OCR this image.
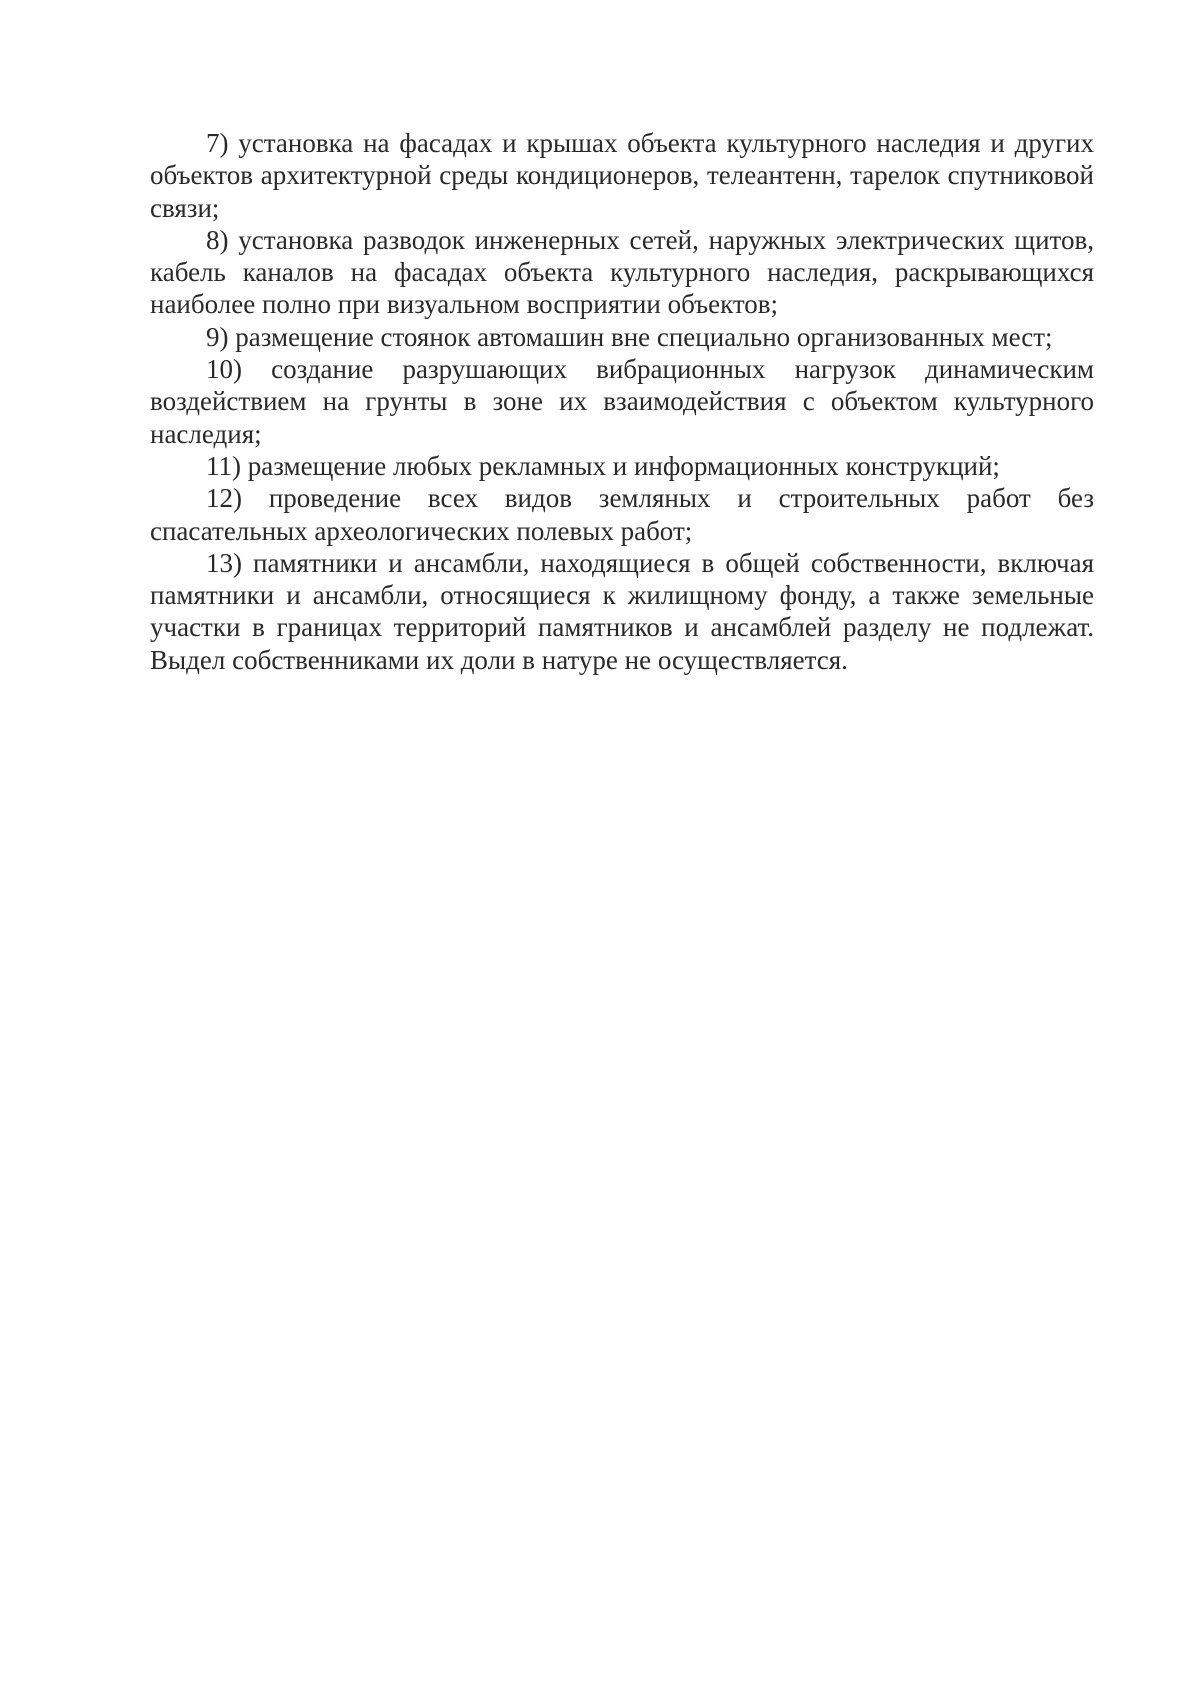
7) установка на фасадах и крышах объекта культурного наследия и других объектов архитектурной среды кондиционеров, телеантенн, тарелок спутниковой связи;

8) установка разводок инженерных сетей, наружных электрических щитов, кабель каналов на фасадах объекта культурного наследия, раскрывающихся наиболее полно при визуальном восприятии объектов;

9) размещение стоянок автомашин вне специально организованных мест;

10) создание разрушающих вибрационных нагрузок динамическим воздействием на грунты в зоне их взаимодействия с объектом культурного наследия;

11) размещение любых рекламных и информационных конструкций;

12) проведение всех видов земляных и строительных работ без спасательных археологических полевых работ;

13) памятники и ансамбли, находящиеся в общей собственности, включая памятники и ансамбли, относящиеся к жилищному фонду, а также земельные участки в границах территорий памятников и ансамблей разделу не подлежат. Выдел собственниками их доли в натуре не осуществляется.
